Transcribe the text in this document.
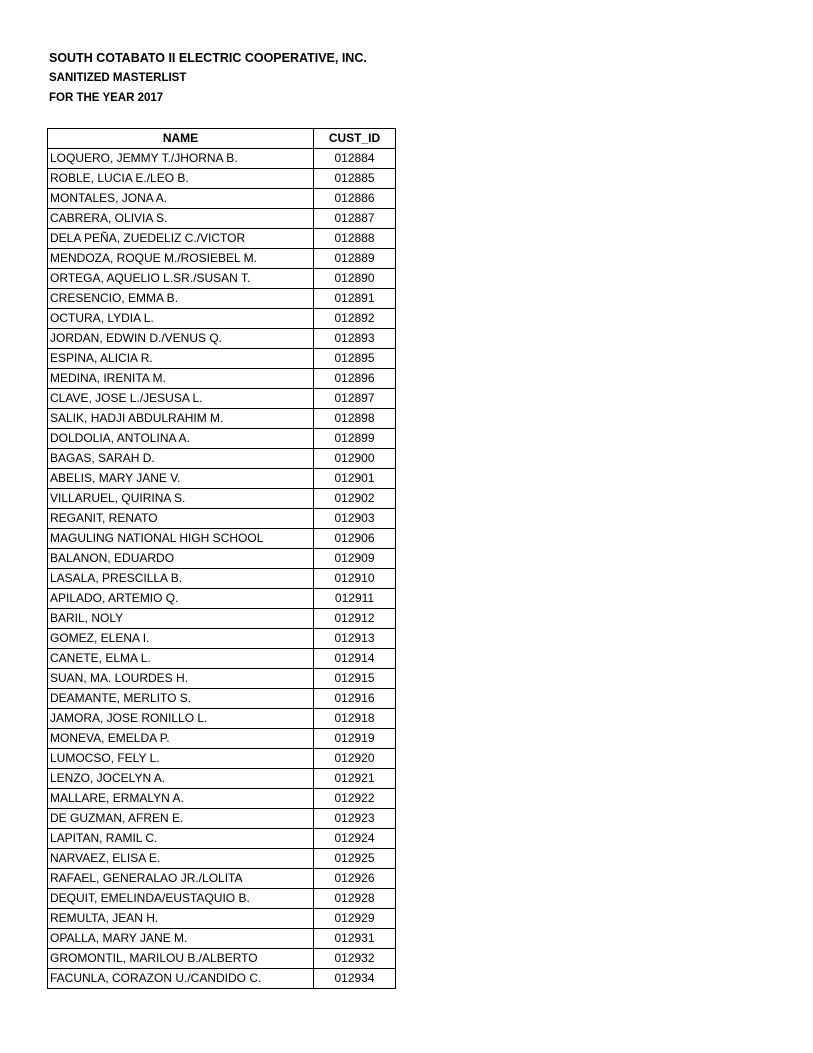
SOUTH COTABATO II ELECTRIC COOPERATIVE, INC.
SANITIZED MASTERLIST
FOR THE YEAR 2017
NAME	CUST_ID
LOQUERO, JEMMY T./JHORNA B.	012884
ROBLE, LUCIA E./LEO B.	012885
MONTALES, JONA A.	012886
CABRERA, OLIVIA S.	012887
DELA PEÑA, ZUEDELIZ C./VICTOR	012888
MENDOZA, ROQUE M./ROSIEBEL M.	012889
ORTEGA, AQUELIO L.SR./SUSAN T.	012890
CRESENCIO, EMMA B.	012891
OCTURA, LYDIA L.	012892
JORDAN, EDWIN D./VENUS Q.	012893
ESPINA, ALICIA R.	012895
MEDINA, IRENITA M.	012896
CLAVE, JOSE L./JESUSA L.	012897
SALIK, HADJI ABDULRAHIM M.	012898
DOLDOLIA, ANTOLINA A.	012899
BAGAS, SARAH D.	012900
ABELIS, MARY JANE V.	012901
VILLARUEL, QUIRINA S.	012902
REGANIT, RENATO	012903
MAGULING NATIONAL HIGH SCHOOL	012906
BALANON, EDUARDO	012909
LASALA, PRESCILLA B.	012910
APILADO, ARTEMIO Q.	012911
BARIL, NOLY	012912
GOMEZ, ELENA I.	012913
CANETE, ELMA L.	012914
SUAN, MA. LOURDES H.	012915
DEAMANTE, MERLITO S.	012916
JAMORA, JOSE RONILLO L.	012918
MONEVA, EMELDA P.	012919
LUMOCSO, FELY L.	012920
LENZO, JOCELYN A.	012921
MALLARE, ERMALYN A.	012922
DE GUZMAN, AFREN E.	012923
LAPITAN, RAMIL C.	012924
NARVAEZ, ELISA E.	012925
RAFAEL, GENERALAO JR./LOLITA	012926
DEQUIT, EMELINDA/EUSTAQUIO B.	012928
REMULTA, JEAN H.	012929
OPALLA, MARY JANE M.	012931
GROMONTIL, MARILOU B./ALBERTO	012932
FACUNLA, CORAZON U./CANDIDO C.	012934
